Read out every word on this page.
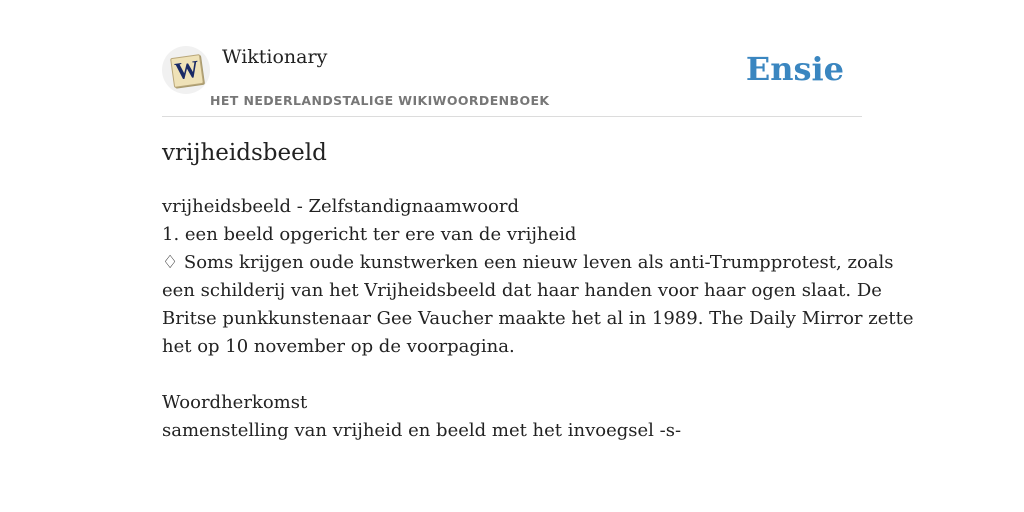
W Wiktionary
HET NEDERLANDSTALIGE WIKIWOORDENBOEK
Ensie
vrijheidsbeeld
vrijheidsbeeld - Zelfstandignaamwoord
1. een beeld opgericht ter ere van de vrijheid
♢ Soms krijgen oude kunstwerken een nieuw leven als anti-Trumpprotest, zoals
een schilderij van het Vrijheidsbeeld dat haar handen voor haar ogen slaat. De
Britse punkkunstenaar Gee Vaucher maakte het al in 1989. The Daily Mirror zette
het op 10 november op de voorpagina.
Woordherkomst
samenstelling van vrijheid en beeld met het invoegsel -s-
